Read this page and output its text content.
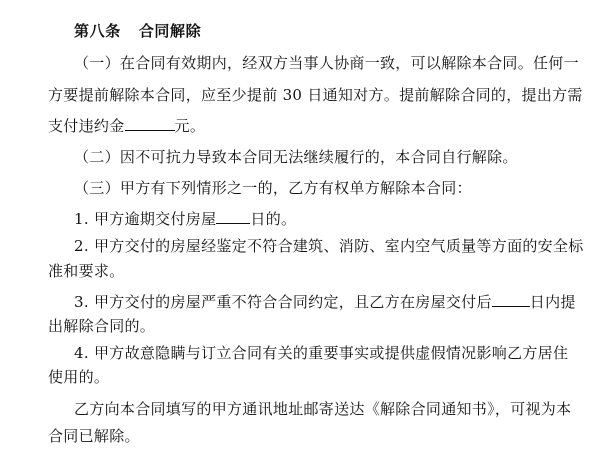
第八条 合同解除
（一）在合同有效期内，经双方当事人协商一致，可以解除本合同。任何一
方要提前解除本合同，应至少提前 30 日通知对方。提前解除合同的，提出方需
支付违约金	元。
（二）因不可抗力导致本合同无法继续履行的，本合同自行解除。
（三）甲方有下列情形之一的，乙方有权单方解除本合同：
1. 甲方逾期交付房屋 日的。
2. 甲方交付的房屋经鉴定不符合建筑、消防、室内空气质量等方面的安全标
准和要求。
3. 甲方交付的房屋严重不符合合同约定，且乙方在房屋交付后	日内提
出解除合同的。
4. 甲方故意隐瞒与订立合同有关的重要事实或提供虚假情况影响乙方居住
使用的。
乙方向本合同填写的甲方通讯地址邮寄送达《解除合同通知书》，可视为本
合同已解除。
